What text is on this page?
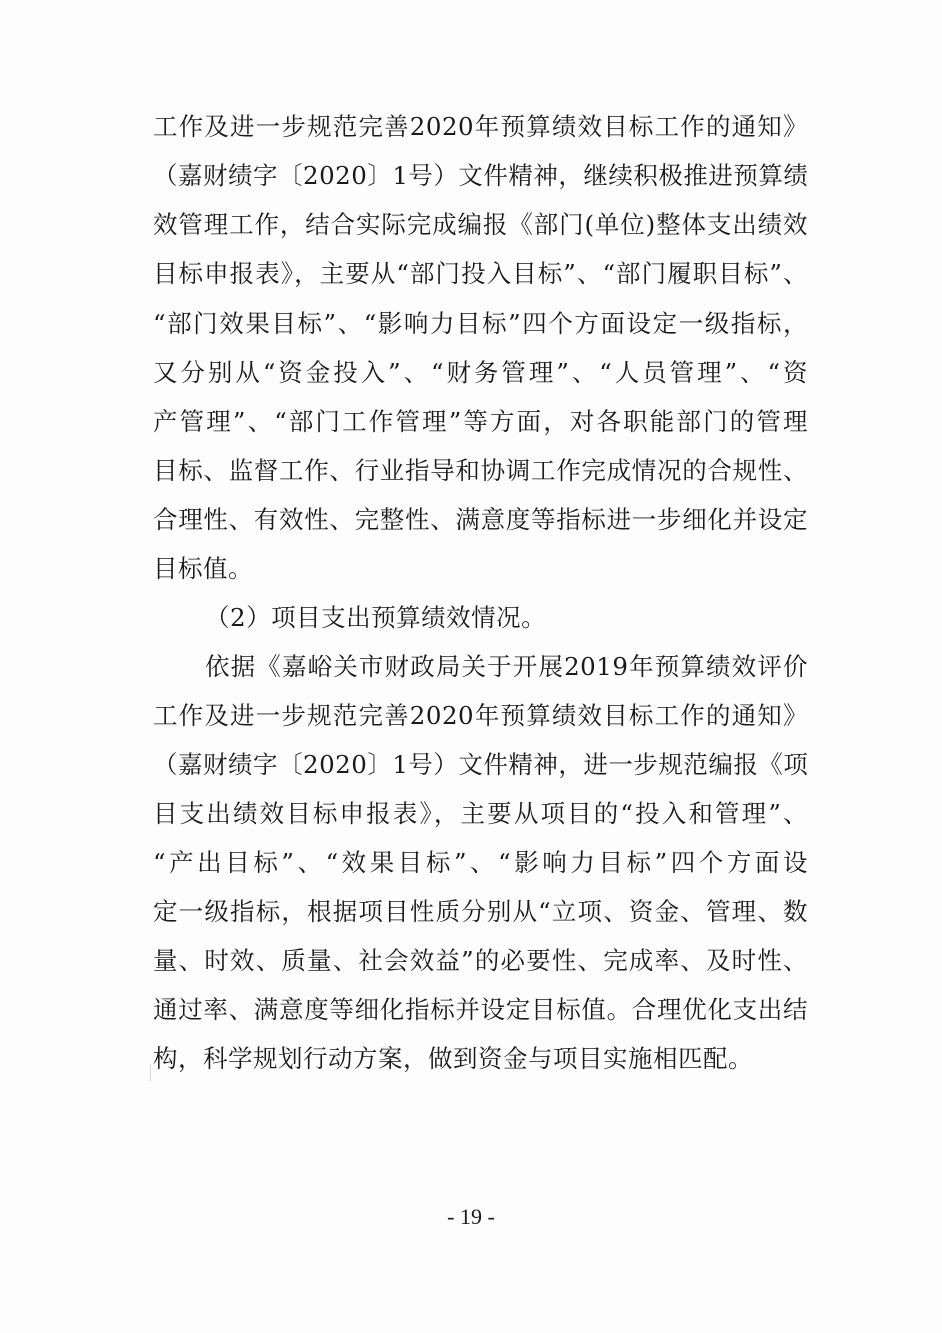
工作及进一步规范完善2020年预算绩效目标工作的通知》
（嘉财绩字〔2020〕1号）文件精神，继续积极推进预算绩
效管理工作，结合实际完成编报《部门(单位)整体支出绩效
目标申报表》，主要从“部门投入目标”、“部门履职目标”、
“部门效果目标”、“影响力目标”四个方面设定一级指标，
又分别从“资金投入”、“财务管理”、“人员管理”、“资
产管理”、“部门工作管理”等方面，对各职能部门的管理
目标、监督工作、行业指导和协调工作完成情况的合规性、
合理性、有效性、完整性、满意度等指标进一步细化并设定
目标值。
（2）项目支出预算绩效情况。
依据《嘉峪关市财政局关于开展2019年预算绩效评价
工作及进一步规范完善2020年预算绩效目标工作的通知》
（嘉财绩字〔2020〕1号）文件精神，进一步规范编报《项
目支出绩效目标申报表》，主要从项目的“投入和管理”、
“产出目标”、“效果目标”、“影响力目标”四个方面设
定一级指标，根据项目性质分别从“立项、资金、管理、数
量、时效、质量、社会效益”的必要性、完成率、及时性、
通过率、满意度等细化指标并设定目标值。合理优化支出结
构，科学规划行动方案，做到资金与项目实施相匹配。
- 19 -
